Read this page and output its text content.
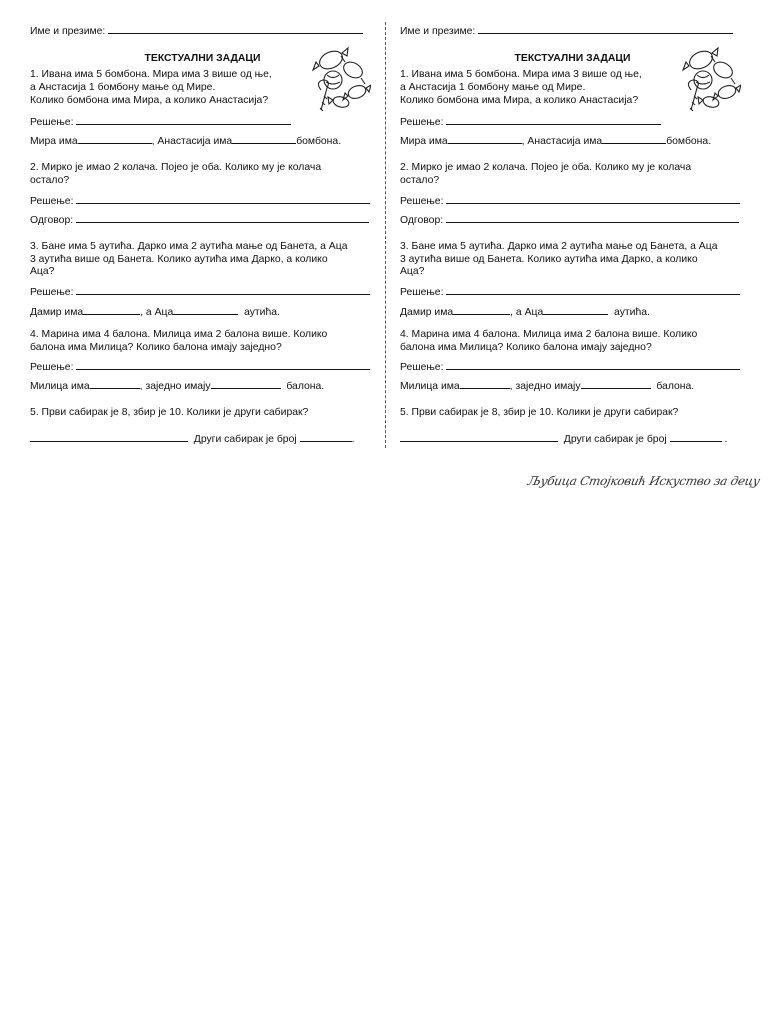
Име и презиме:
ТЕКСТУАЛНИ ЗАДАЦИ
1. Ивана има 5 бомбона. Мира има 3 више од ње,
а Анстасија 1 бомбону мање од Мире.
Колико бомбона има Мира, а колико Анастасија?
Решење:
Мира има	, Анастасија има	бомбона.
2. Мирко је имао 2 колача. Појео је оба. Колико му је колача
остало?
Решење:
Одговор:
3. Бане има 5 аутића. Дарко има 2 аутића мање од Банета, а Аца
3 аутића више од Банета. Колико аутића има Дарко, а колико
Аца?
Решење:
Дамир има	, а Аца	аутића.
4. Марина има 4 балона. Милица има 2 балона више. Колико
балона има Милица? Колико балона имају заједно?
Решење:
Милица има	, заједно имају	балона.
5. Први сабирак је 8, збир је 10. Колики је други сабирак?
Други сабирак је број	.
Име и презиме:
ТЕКСТУАЛНИ ЗАДАЦИ
1. Ивана има 5 бомбона. Мира има 3 више од ње,
а Анстасија 1 бомбону мање од Мире.
Колико бомбона има Мира, а колико Анастасија?
Решење:
Мира има	, Анастасија има	бомбона.
2. Мирко је имао 2 колача. Појео је оба. Колико му је колача
остало?
Решење:
Одговор:
3. Бане има 5 аутића. Дарко има 2 аутића мање од Банета, а Аца
3 аутића више од Банета. Колико аутића има Дарко, а колико
Аца?
Решење:
Дамир има	, а Аца	аутића.
4. Марина има 4 балона. Милица има 2 балона више. Колико
балона има Милица? Колико балона имају заједно?
Решење:
Милица има	, заједно имају	балона.
5. Први сабирак је 8, збир је 10. Колики је други сабирак?
Други сабирак је број	.
Љубица Стојковић Искуство за децу
